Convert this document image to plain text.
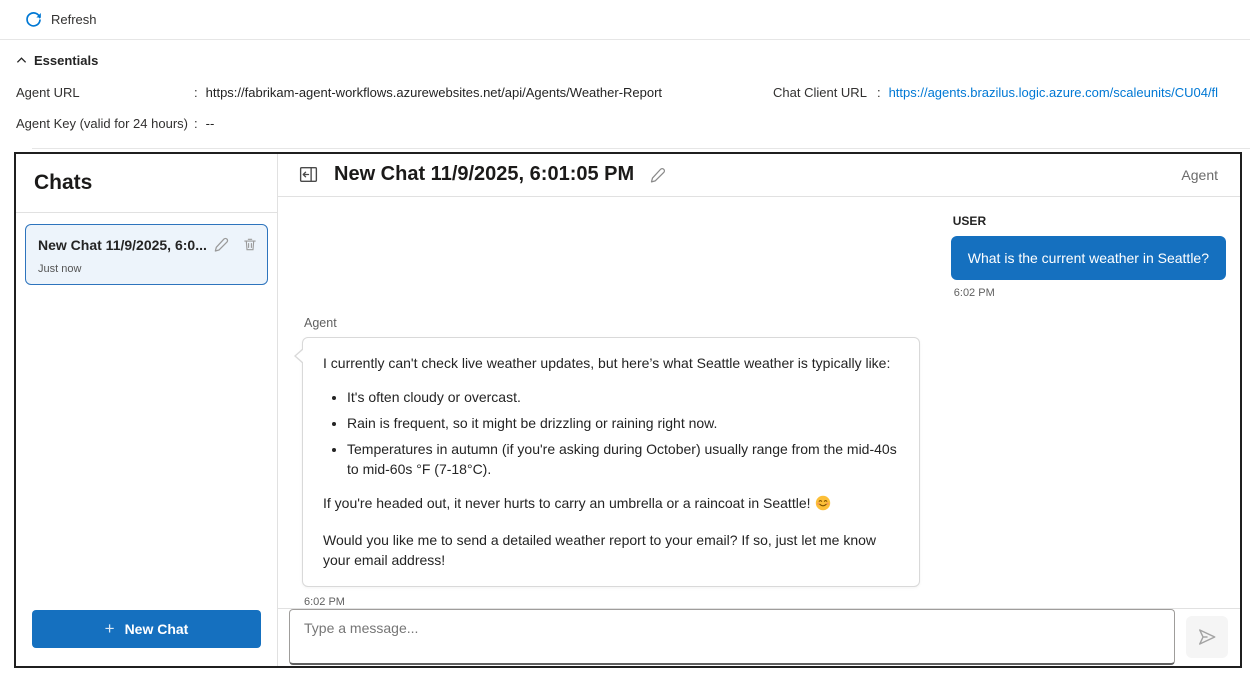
Refresh
Essentials
Agent URL	: https://fabrikam-agent-workflows.azurewebsites.net/api/Agents/Weather-Report	Chat Client URL : https://agents.brazilus.logic.azure.com/scaleunits/CU04/fl
Agent Key (valid for 24 hours) : --
Chats
New Chat 11/9/2025, 6:0...
Just now
+ New Chat
New Chat 11/9/2025, 6:01:05 PM	Agent
USER
What is the current weather in Seattle?
6:02 PM
Agent

I currently can't check live weather updates, but here’s what Seattle weather is typically like:

• It's often cloudy or overcast.
• Rain is frequent, so it might be drizzling or raining right now.
• Temperatures in autumn (if you're asking during October) usually range from the mid-40s to mid-60s °F (7-18°C).

If you're headed out, it never hurts to carry an umbrella or a raincoat in Seattle!

Would you like me to send a detailed weather report to your email? If so, just let me know your email address!

6:02 PM
Type a message...
